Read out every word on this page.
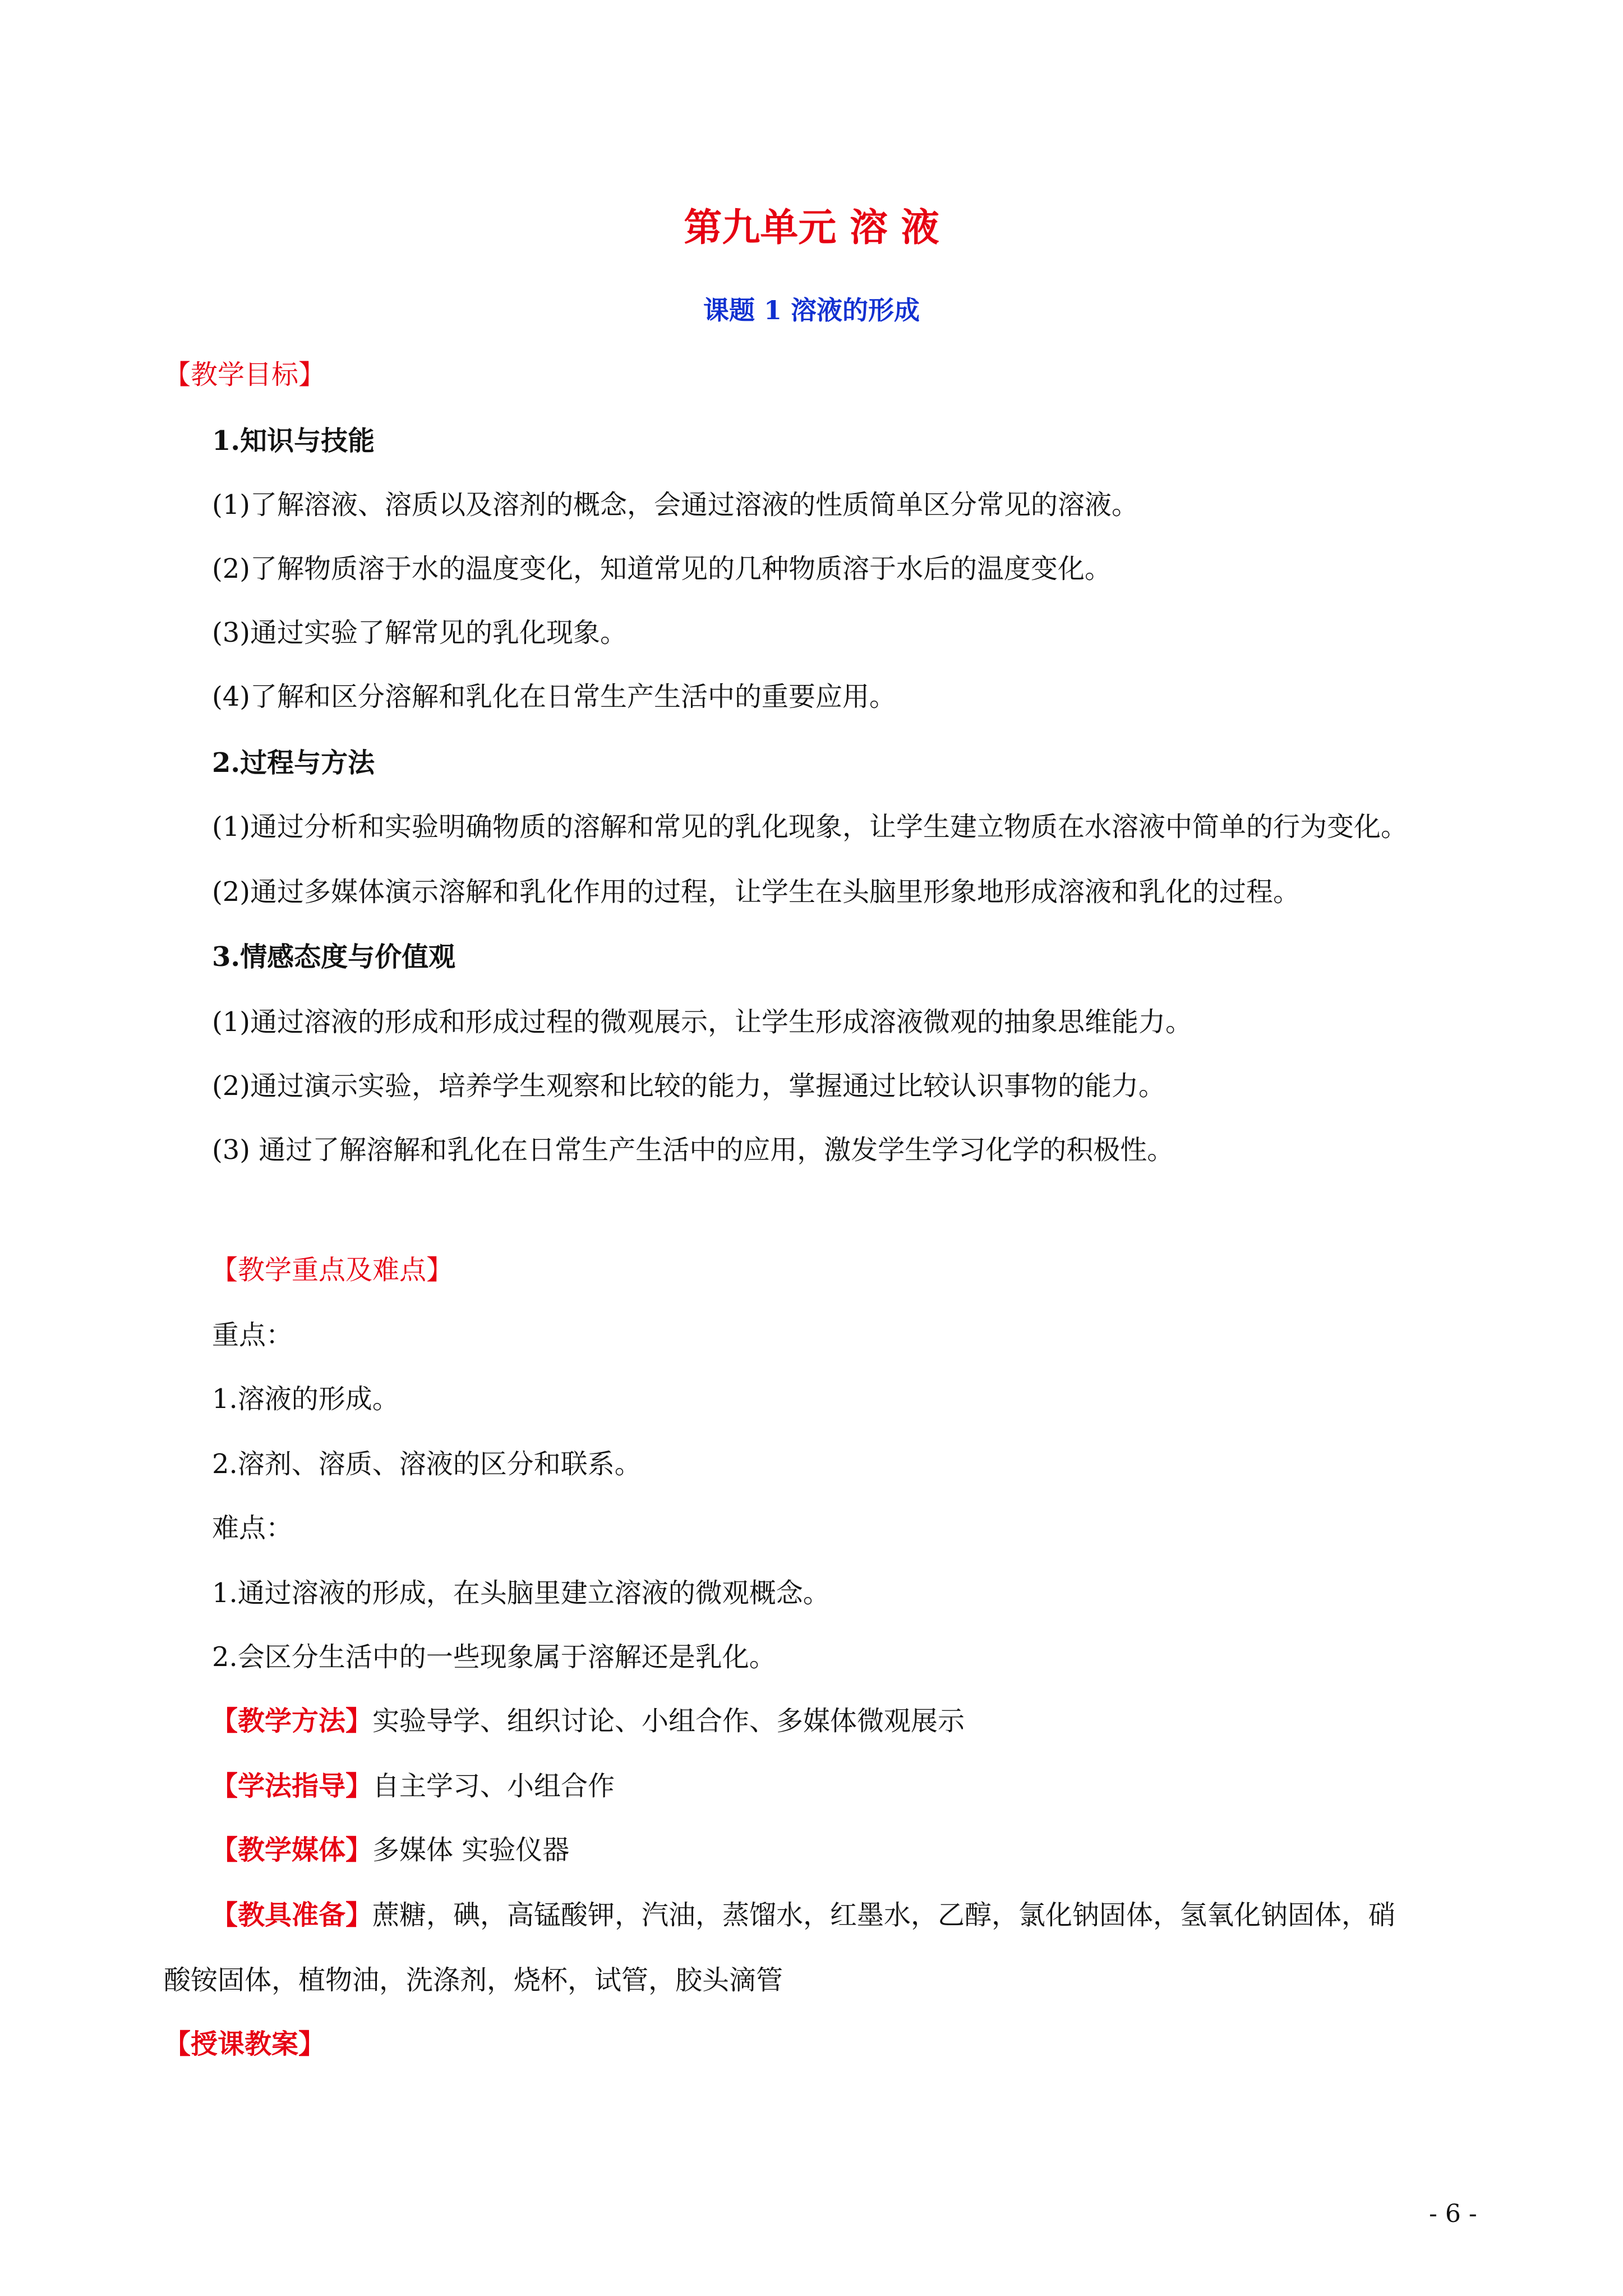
第九单元 溶 液
课题 1 溶液的形成
【教学目标】
1.知识与技能
(1)了解溶液、溶质以及溶剂的概念，会通过溶液的性质简单区分常见的溶液。
(2)了解物质溶于水的温度变化，知道常见的几种物质溶于水后的温度变化。
(3)通过实验了解常见的乳化现象。
(4)了解和区分溶解和乳化在日常生产生活中的重要应用。
2.过程与方法
(1)通过分析和实验明确物质的溶解和常见的乳化现象，让学生建立物质在水溶液中简单的行为变化。
(2)通过多媒体演示溶解和乳化作用的过程，让学生在头脑里形象地形成溶液和乳化的过程。
3.情感态度与价值观
(1)通过溶液的形成和形成过程的微观展示，让学生形成溶液微观的抽象思维能力。
(2)通过演示实验，培养学生观察和比较的能力，掌握通过比较认识事物的能力。
(3) 通过了解溶解和乳化在日常生产生活中的应用，激发学生学习化学的积极性。
【教学重点及难点】
重点：
1.溶液的形成。
2.溶剂、溶质、溶液的区分和联系。
难点：
1.通过溶液的形成，在头脑里建立溶液的微观概念。
2.会区分生活中的一些现象属于溶解还是乳化。
【教学方法】实验导学、组织讨论、小组合作、多媒体微观展示
【学法指导】自主学习、小组合作
【教学媒体】多媒体 实验仪器
【教具准备】蔗糖，碘，高锰酸钾，汽油，蒸馏水，红墨水，乙醇，氯化钠固体，氢氧化钠固体，硝
酸铵固体，植物油，洗涤剂，烧杯，试管，胶头滴管
【授课教案】
- 6 -
